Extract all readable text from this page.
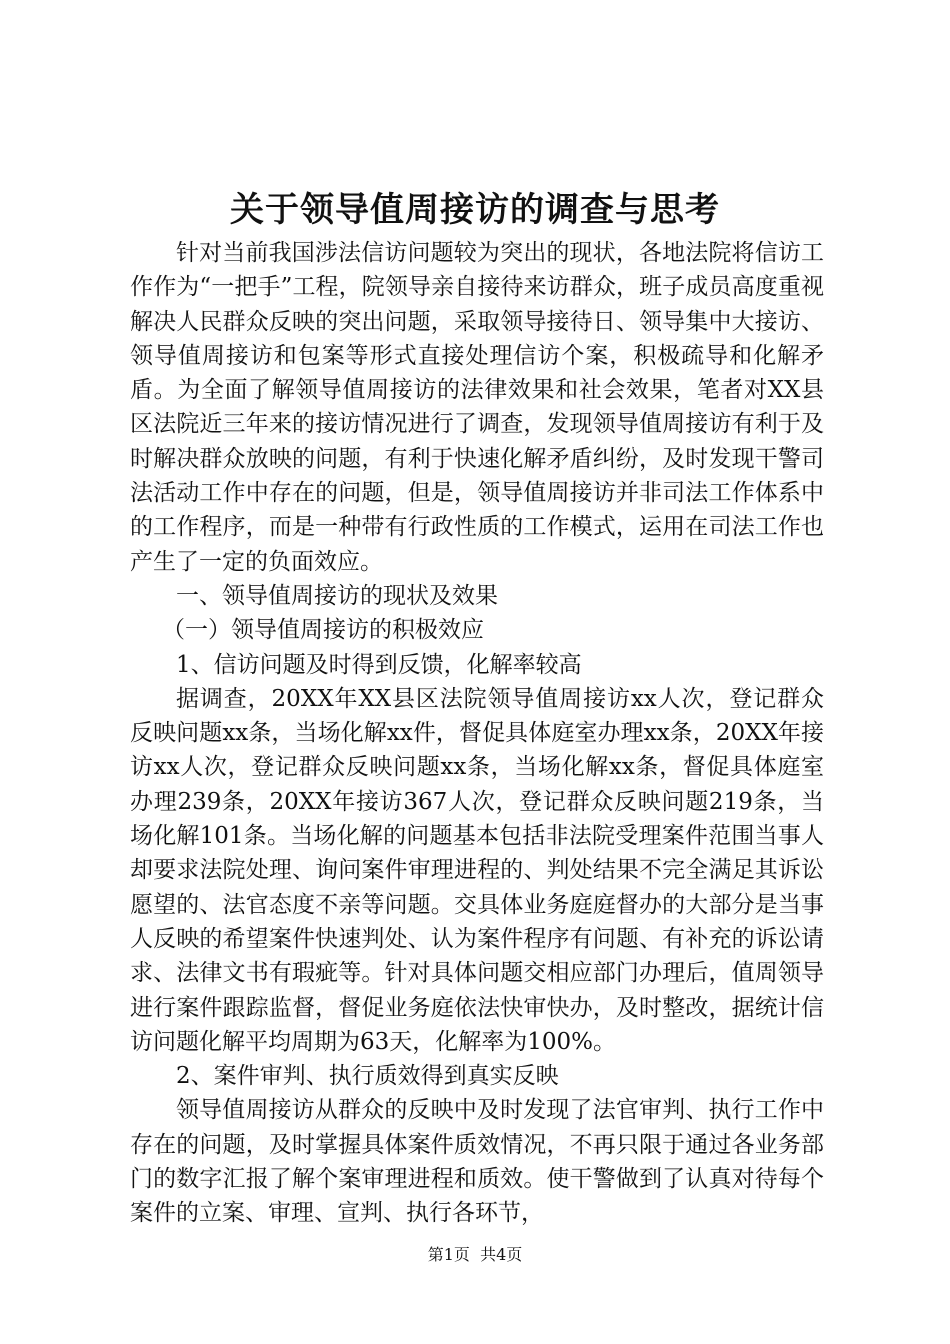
关于领导值周接访的调查与思考

针对当前我国涉法信访问题较为突出的现状，各地法院将信访工作作为“一把手”工程，院领导亲自接待来访群众，班子成员高度重视解决人民群众反映的突出问题，采取领导接待日、领导集中大接访、领导值周接访和包案等形式直接处理信访个案，积极疏导和化解矛盾。为全面了解领导值周接访的法律效果和社会效果，笔者对XX县区法院近三年来的接访情况进行了调查，发现领导值周接访有利于及时解决群众放映的问题，有利于快速化解矛盾纠纷，及时发现干警司法活动工作中存在的问题，但是，领导值周接访并非司法工作体系中的工作程序，而是一种带有行政性质的工作模式，运用在司法工作也产生了一定的负面效应。

一、领导值周接访的现状及效果

（一）领导值周接访的积极效应

1、信访问题及时得到反馈，化解率较高

据调查，20XX年XX县区法院领导值周接访xx人次，登记群众反映问题xx条，当场化解xx件，督促具体庭室办理xx条，20XX年接访xx人次，登记群众反映问题xx条，当场化解xx条，督促具体庭室办理239条，20XX年接访367人次，登记群众反映问题219条，当场化解101条。当场化解的问题基本包括非法院受理案件范围当事人却要求法院处理、询问案件审理进程的、判处结果不完全满足其诉讼愿望的、法官态度不亲等问题。交具体业务庭庭督办的大部分是当事人反映的希望案件快速判处、认为案件程序有问题、有补充的诉讼请求、法律文书有瑕疵等。针对具体问题交相应部门办理后，值周领导进行案件跟踪监督，督促业务庭依法快审快办，及时整改，据统计信访问题化解平均周期为63天，化解率为100%。

2、案件审判、执行质效得到真实反映

领导值周接访从群众的反映中及时发现了法官审判、执行工作中存在的问题，及时掌握具体案件质效情况，不再只限于通过各业务部门的数字汇报了解个案审理进程和质效。使干警做到了认真对待每个案件的立案、审理、宣判、执行各环节，

第1页  共4页
